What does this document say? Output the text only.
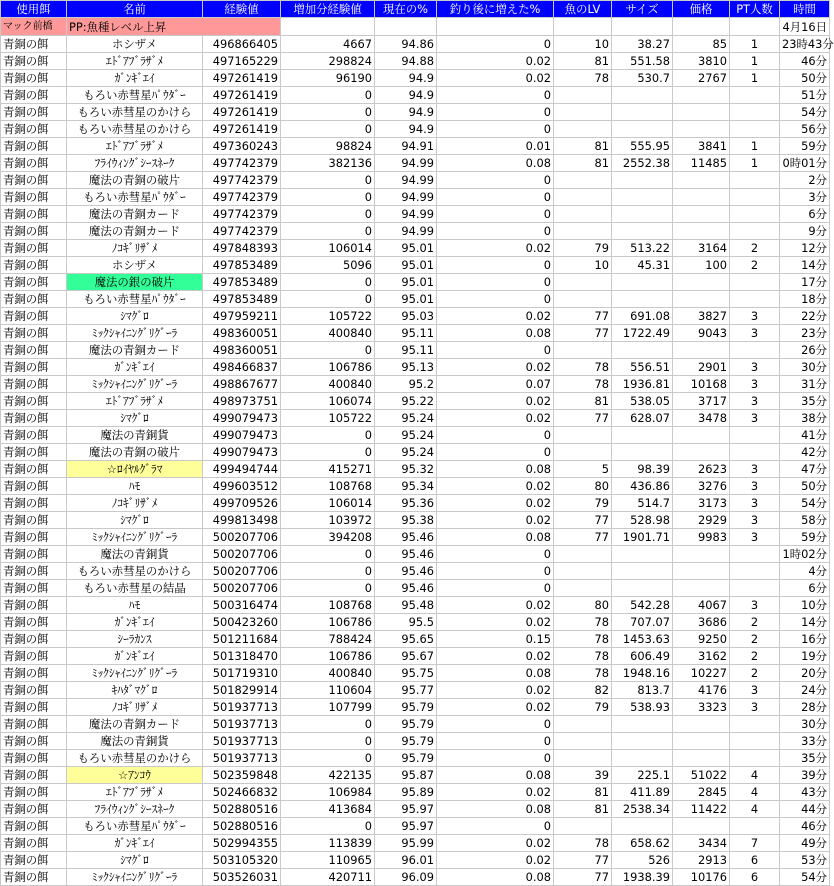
使用餌	名前	経験値	増加分経験値	現在の%	釣り後に増えた%	魚のLV	サイズ	価格	PT人数	時間
マック前橋	PP:魚種レベル上昇									4月16日
青銅の餌	ホシザメ	496866405	4667	94.86	0	10	38.27	85	1	23時43分
青銅の餌	ｴﾄﾞｱﾌﾞﾗｻﾞﾒ	497165229	298824	94.88	0.02	81	551.58	3810	1	46分
青銅の餌	ｶﾞﾝｷﾞｴｲ	497261419	96190	94.9	0.02	78	530.7	2767	1	50分
青銅の餌	もろい赤彗星ﾊﾟｳﾀﾞｰ	497261419	0	94.9	0					51分
青銅の餌	もろい赤彗星のかけら	497261419	0	94.9	0					54分
青銅の餌	もろい赤彗星のかけら	497261419	0	94.9	0					56分
青銅の餌	ｴﾄﾞｱﾌﾞﾗｻﾞﾒ	497360243	98824	94.91	0.01	81	555.95	3841	1	59分
青銅の餌	ﾌﾗｲｳｨﾝｸﾞｼｰｽﾈｰｸ	497742379	382136	94.99	0.08	81	2552.38	11485	1	0時01分
青銅の餌	魔法の青銅の破片	497742379	0	94.99	0					2分
青銅の餌	もろい赤彗星ﾊﾟｳﾀﾞｰ	497742379	0	94.99	0					3分
青銅の餌	魔法の青銅カード	497742379	0	94.99	0					6分
青銅の餌	魔法の青銅カード	497742379	0	94.99	0					9分
青銅の餌	ﾉｺｷﾞﾘｻﾞﾒ	497848393	106014	95.01	0.02	79	513.22	3164	2	12分
青銅の餌	ホシザメ	497853489	5096	95.01	0	10	45.31	100	2	14分
青銅の餌	魔法の銀の破片	497853489	0	95.01	0					17分
青銅の餌	もろい赤彗星ﾊﾟｳﾀﾞｰ	497853489	0	95.01	0					18分
青銅の餌	ｼﾏｸﾞﾛ	497959211	105722	95.03	0.02	77	691.08	3827	3	22分
青銅の餌	ﾐｯｸｼｬｲﾆﾝｸﾞﾘｸﾞｰﾗ	498360051	400840	95.11	0.08	77	1722.49	9043	3	23分
青銅の餌	魔法の青銅カード	498360051	0	95.11	0					26分
青銅の餌	ｶﾞﾝｷﾞｴｲ	498466837	106786	95.13	0.02	78	556.51	2901	3	30分
青銅の餌	ﾐｯｸｼｬｲﾆﾝｸﾞﾘｸﾞｰﾗ	498867677	400840	95.2	0.07	78	1936.81	10168	3	31分
青銅の餌	ｴﾄﾞｱﾌﾞﾗｻﾞﾒ	498973751	106074	95.22	0.02	81	538.05	3717	3	35分
青銅の餌	ｼﾏｸﾞﾛ	499079473	105722	95.24	0.02	77	628.07	3478	3	38分
青銅の餌	魔法の青銅貨	499079473	0	95.24	0					41分
青銅の餌	魔法の青銅の破片	499079473	0	95.24	0					42分
青銅の餌	☆ﾛｲﾔﾙｸﾞﾗﾏ	499494744	415271	95.32	0.08	5	98.39	2623	3	47分
青銅の餌	ﾊﾓ	499603512	108768	95.34	0.02	80	436.86	3276	3	50分
青銅の餌	ﾉｺｷﾞﾘｻﾞﾒ	499709526	106014	95.36	0.02	79	514.7	3173	3	54分
青銅の餌	ｼﾏｸﾞﾛ	499813498	103972	95.38	0.02	77	528.98	2929	3	58分
青銅の餌	ﾐｯｸｼｬｲﾆﾝｸﾞﾘｸﾞｰﾗ	500207706	394208	95.46	0.08	77	1901.71	9983	3	59分
青銅の餌	魔法の青銅貨	500207706	0	95.46	0					1時02分
青銅の餌	もろい赤彗星のかけら	500207706	0	95.46	0					4分
青銅の餌	もろい赤彗星の結晶	500207706	0	95.46	0					6分
青銅の餌	ﾊﾓ	500316474	108768	95.48	0.02	80	542.28	4067	3	10分
青銅の餌	ｶﾞﾝｷﾞｴｲ	500423260	106786	95.5	0.02	78	707.07	3686	2	14分
青銅の餌	ｼｰﾗｶﾝｽ	501211684	788424	95.65	0.15	78	1453.63	9250	2	16分
青銅の餌	ｶﾞﾝｷﾞｴｲ	501318470	106786	95.67	0.02	78	606.49	3162	2	19分
青銅の餌	ﾐｯｸｼｬｲﾆﾝｸﾞﾘｸﾞｰﾗ	501719310	400840	95.75	0.08	78	1948.16	10227	2	20分
青銅の餌	ｷﾊﾀﾞﾏｸﾞﾛ	501829914	110604	95.77	0.02	82	813.7	4176	3	24分
青銅の餌	ﾉｺｷﾞﾘｻﾞﾒ	501937713	107799	95.79	0.02	79	538.93	3323	3	28分
青銅の餌	魔法の青銅カード	501937713	0	95.79	0					30分
青銅の餌	魔法の青銅貨	501937713	0	95.79	0					33分
青銅の餌	もろい赤彗星のかけら	501937713	0	95.79	0					35分
青銅の餌	☆ｱﾝｺｳ	502359848	422135	95.87	0.08	39	225.1	51022	4	39分
青銅の餌	ｴﾄﾞｱﾌﾞﾗｻﾞﾒ	502466832	106984	95.89	0.02	81	411.89	2845	4	43分
青銅の餌	ﾌﾗｲｳｨﾝｸﾞｼｰｽﾈｰｸ	502880516	413684	95.97	0.08	81	2538.34	11422	4	44分
青銅の餌	もろい赤彗星ﾊﾟｳﾀﾞｰ	502880516	0	95.97	0					46分
青銅の餌	ｶﾞﾝｷﾞｴｲ	502994355	113839	95.99	0.02	78	658.62	3434	7	49分
青銅の餌	ｼﾏｸﾞﾛ	503105320	110965	96.01	0.02	77	526	2913	6	53分
青銅の餌	ﾐｯｸｼｬｲﾆﾝｸﾞﾘｸﾞｰﾗ	503526031	420711	96.09	0.08	77	1938.39	10176	6	54分
